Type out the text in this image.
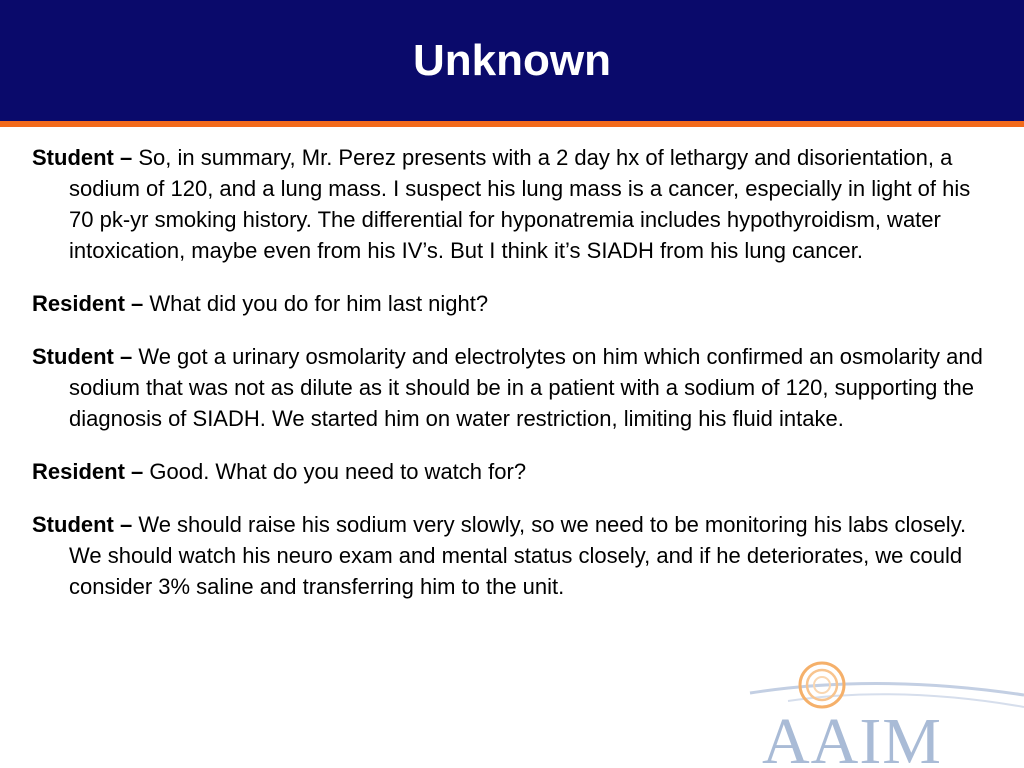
Unknown
Student – So, in summary, Mr. Perez presents with a 2 day hx of lethargy and disorientation, a sodium of 120, and a lung mass. I suspect his lung mass is a cancer, especially in light of his 70 pk-yr smoking history. The differential for hyponatremia includes hypothyroidism, water intoxication, maybe even from his IV’s. But I think it’s SIADH from his lung cancer.
Resident – What did you do for him last night?
Student – We got a urinary osmolarity and electrolytes on him which confirmed an osmolarity and sodium that was not as dilute as it should be in a patient with a sodium of 120, supporting the diagnosis of SIADH. We started him on water restriction, limiting his fluid intake.
Resident – Good. What do you need to watch for?
Student – We should raise his sodium very slowly, so we need to be monitoring his labs closely. We should watch his neuro exam and mental status closely, and if he deteriorates, we could consider 3% saline and transferring him to the unit.
AAIM
